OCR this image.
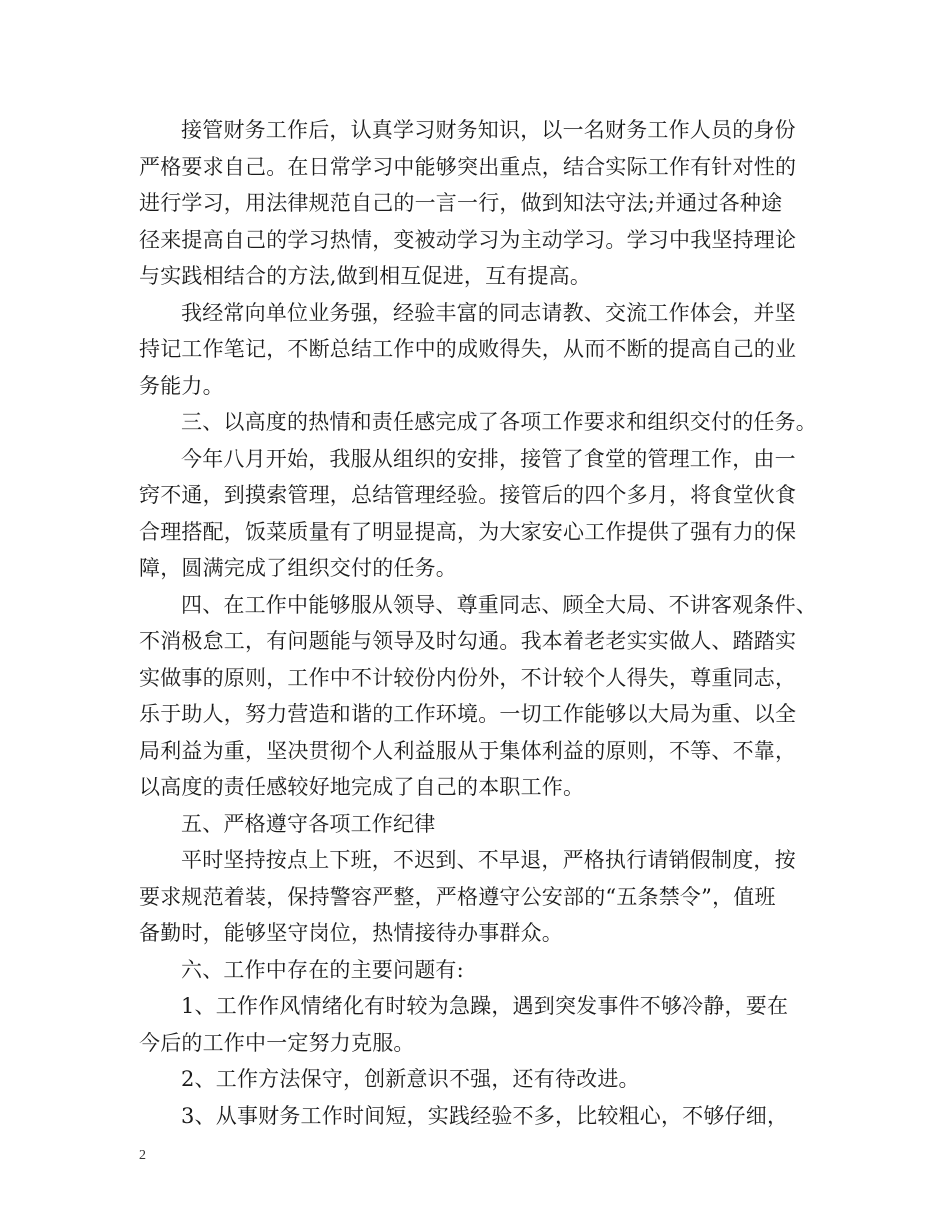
接管财务工作后，认真学习财务知识，以一名财务工作人员的身份
严格要求自己。在日常学习中能够突出重点，结合实际工作有针对性的
进行学习，用法律规范自己的一言一行，做到知法守法;并通过各种途
径来提高自己的学习热情，变被动学习为主动学习。学习中我坚持理论
与实践相结合的方法,做到相互促进，互有提高。
我经常向单位业务强，经验丰富的同志请教、交流工作体会，并坚
持记工作笔记，不断总结工作中的成败得失，从而不断的提高自己的业
务能力。
三、以高度的热情和责任感完成了各项工作要求和组织交付的任务。
今年八月开始，我服从组织的安排，接管了食堂的管理工作，由一
窍不通，到摸索管理，总结管理经验。接管后的四个多月，将食堂伙食
合理搭配，饭菜质量有了明显提高，为大家安心工作提供了强有力的保
障，圆满完成了组织交付的任务。
四、在工作中能够服从领导、尊重同志、顾全大局、不讲客观条件、
不消极怠工，有问题能与领导及时勾通。我本着老老实实做人、踏踏实
实做事的原则，工作中不计较份内份外，不计较个人得失，尊重同志，
乐于助人，努力营造和谐的工作环境。一切工作能够以大局为重、以全
局利益为重，坚决贯彻个人利益服从于集体利益的原则，不等、不靠，
以高度的责任感较好地完成了自己的本职工作。
五、严格遵守各项工作纪律
平时坚持按点上下班，不迟到、不早退，严格执行请销假制度，按
要求规范着装，保持警容严整，严格遵守公安部的“五条禁令”，值班
备勤时，能够坚守岗位，热情接待办事群众。
六、工作中存在的主要问题有:
1、工作作风情绪化有时较为急躁，遇到突发事件不够冷静，要在
今后的工作中一定努力克服。
2、工作方法保守，创新意识不强，还有待改进。
3、从事财务工作时间短，实践经验不多，比较粗心，不够仔细，
2
